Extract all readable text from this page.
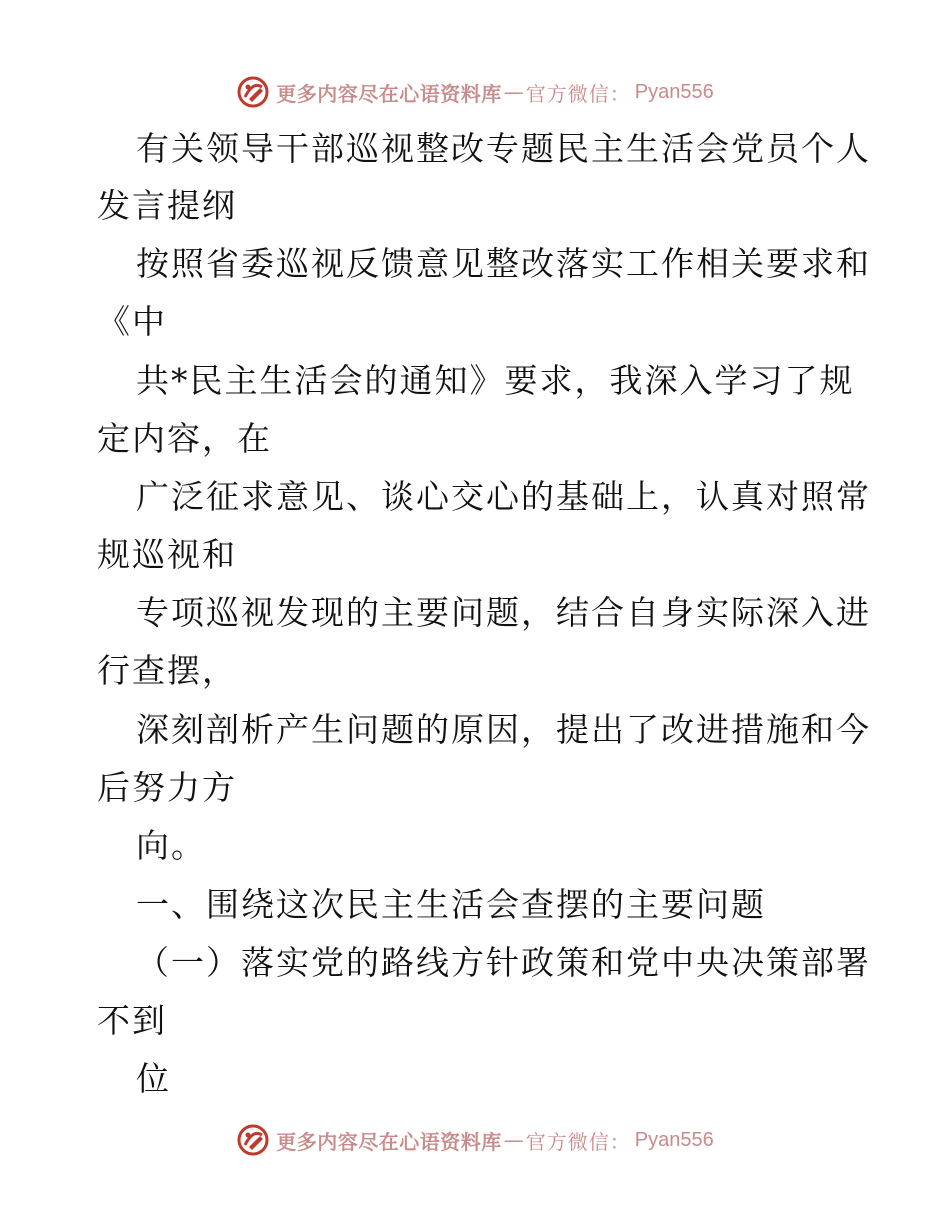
更多内容尽在心语资料库 — 官方微信： Pyan556
有关领导干部巡视整改专题民主生活会党员个人
发言提纲
按照省委巡视反馈意见整改落实工作相关要求和
《中
共*民主生活会的通知》要求，我深入学习了规
定内容，在
广泛征求意见、谈心交心的基础上，认真对照常
规巡视和
专项巡视发现的主要问题，结合自身实际深入进
行查摆，
深刻剖析产生问题的原因，提出了改进措施和今
后努力方
向。
一、围绕这次民主生活会查摆的主要问题
（一）落实党的路线方针政策和党中央决策部署
不到
位
更多内容尽在心语资料库 — 官方微信： Pyan556
